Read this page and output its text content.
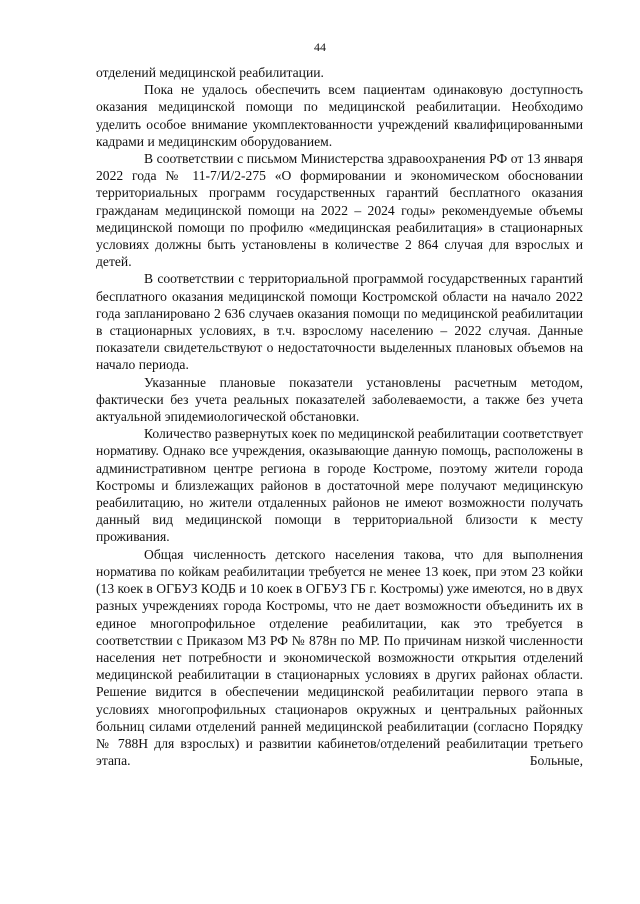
44

отделений медицинской реабилитации.

Пока не удалось обеспечить всем пациентам одинаковую доступность оказания медицинской помощи по медицинской реабилитации. Необходимо уделить особое внимание укомплектованности учреждений квалифицированными кадрами и медицинским оборудованием.

В соответствии с письмом Министерства здравоохранения РФ от 13 января 2022 года № 11-7/И/2-275 «О формировании и экономическом обосновании территориальных программ государственных гарантий бесплатного оказания гражданам медицинской помощи на 2022 – 2024 годы» рекомендуемые объемы медицинской помощи по профилю «медицинская реабилитация» в стационарных условиях должны быть установлены в количестве 2 864 случая для взрослых и детей.

В соответствии с территориальной программой государственных гарантий бесплатного оказания медицинской помощи Костромской области на начало 2022 года запланировано 2 636 случаев оказания помощи по медицинской реабилитации в стационарных условиях, в т.ч. взрослому населению – 2022 случая. Данные показатели свидетельствуют о недостаточности выделенных плановых объемов на начало периода.

Указанные плановые показатели установлены расчетным методом, фактически без учета реальных показателей заболеваемости, а также без учета актуальной эпидемиологической обстановки.

Количество развернутых коек по медицинской реабилитации соответствует нормативу. Однако все учреждения, оказывающие данную помощь, расположены в административном центре региона в городе Костроме, поэтому жители города Костромы и близлежащих районов в достаточной мере получают медицинскую реабилитацию, но жители отдаленных районов не имеют возможности получать данный вид медицинской помощи в территориальной близости к месту проживания.

Общая численность детского населения такова, что для выполнения норматива по койкам реабилитации требуется не менее 13 коек, при этом 23 койки (13 коек в ОГБУЗ КОДБ и 10 коек в ОГБУЗ ГБ г. Костромы) уже имеются, но в двух разных учреждениях города Костромы, что не дает возможности объединить их в единое многопрофильное отделение реабилитации, как это требуется в соответствии с Приказом МЗ РФ № 878н по МР. По причинам низкой численности населения нет потребности и экономической возможности открытия отделений медицинской реабилитации в стационарных условиях в других районах области. Решение видится в обеспечении медицинской реабилитации первого этапа в условиях многопрофильных стационаров окружных и центральных районных больниц силами отделений ранней медицинской реабилитации (согласно Порядку № 788Н для взрослых) и развитии кабинетов/отделений реабилитации третьего этапа. Больные,
